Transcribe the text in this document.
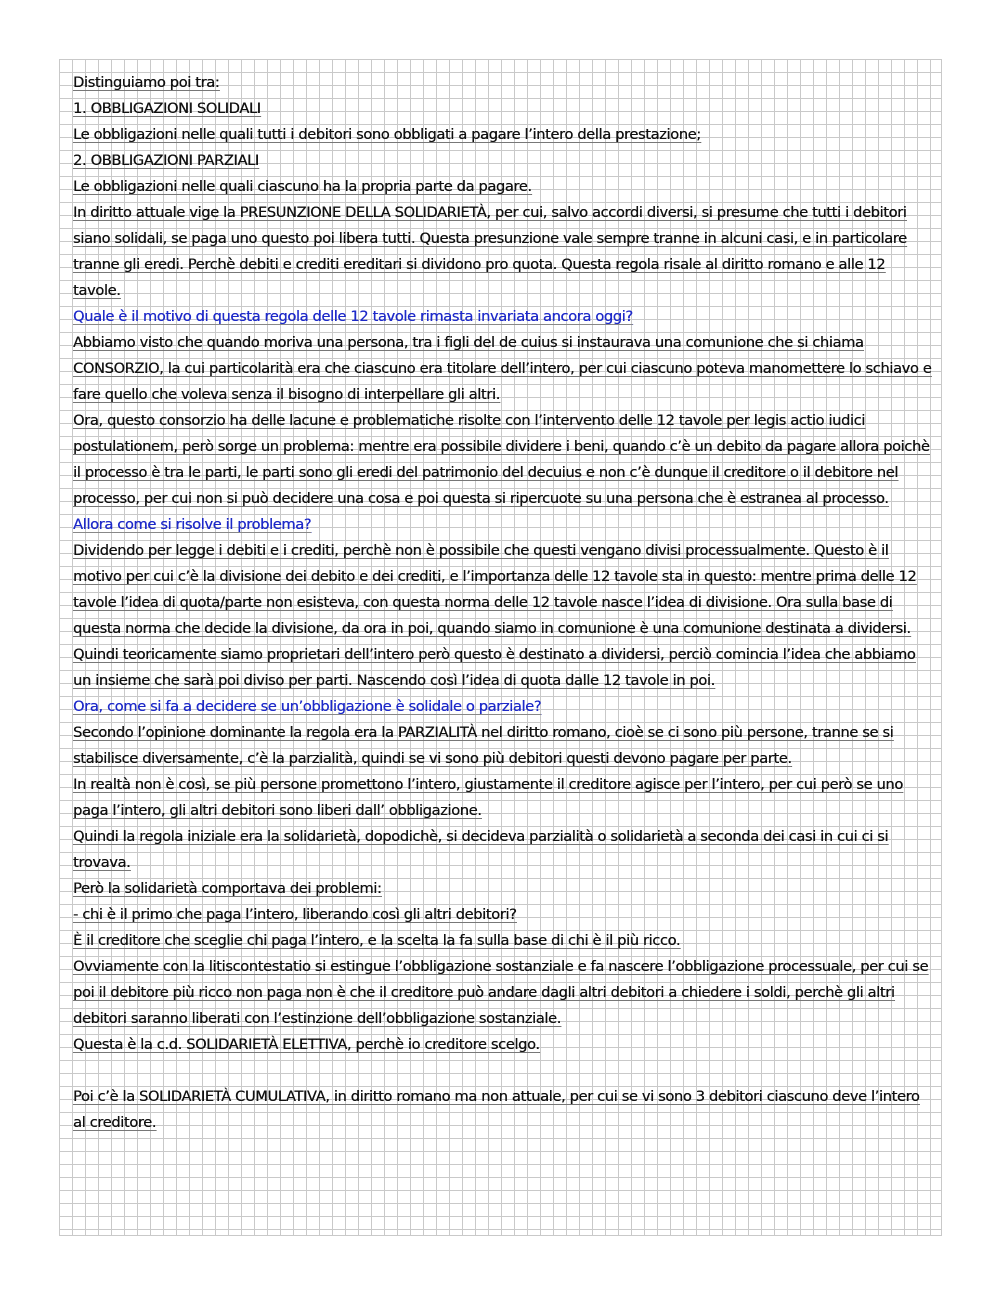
Distinguiamo poi tra:

1. OBBLIGAZIONI SOLIDALI

Le obbligazioni nelle quali tutti i debitori sono obbligati a pagare l’intero della prestazione;

2. OBBLIGAZIONI PARZIALI

Le obbligazioni nelle quali ciascuno ha la propria parte da pagare.

In diritto attuale vige la PRESUNZIONE DELLA SOLIDARIETÀ, per cui, salvo accordi diversi, si presume che tutti i debitori siano solidali, se paga uno questo poi libera tutti. Questa presunzione vale sempre tranne in alcuni casi, e in particolare tranne gli eredi. Perchè debiti e crediti ereditari si dividono pro quota. Questa regola risale al diritto romano e alle 12 tavole.

Quale è il motivo di questa regola delle 12 tavole rimasta invariata ancora oggi?

Abbiamo visto che quando moriva una persona, tra i figli del de cuius si instaurava una comunione che si chiama CONSORZIO, la cui particolarità era che ciascuno era titolare dell’intero, per cui ciascuno poteva manomettere lo schiavo e fare quello che voleva senza il bisogno di interpellare gli altri.

Ora, questo consorzio ha delle lacune e problematiche risolte con l’intervento delle 12 tavole per legis actio iudici postulationem, però sorge un problema: mentre era possibile dividere i beni, quando c’è un debito da pagare allora poichè il processo è tra le parti, le parti sono gli eredi del patrimonio del decuius e non c’è dunque il creditore o il debitore nel processo, per cui non si può decidere una cosa e poi questa si ripercuote su una persona che è estranea al processo.

Allora come si risolve il problema?

Dividendo per legge i debiti e i crediti, perchè non è possibile che questi vengano divisi processualmente. Questo è il motivo per cui c’è la divisione dei debito e dei crediti, e l’importanza delle 12 tavole sta in questo: mentre prima delle 12 tavole l’idea di quota/parte non esisteva, con questa norma delle 12 tavole nasce l’idea di divisione. Ora sulla base di questa norma che decide la divisione, da ora in poi, quando siamo in comunione è una comunione destinata a dividersi. Quindi teoricamente siamo proprietari dell’intero però questo è destinato a dividersi, perciò comincia l’idea che abbiamo un insieme che sarà poi diviso per parti. Nascendo così l’idea di quota dalle 12 tavole in poi.

Ora, come si fa a decidere se un’obbligazione è solidale o parziale?

Secondo l’opinione dominante la regola era la PARZIALITÀ nel diritto romano, cioè se ci sono più persone, tranne se si stabilisce diversamente, c’è la parzialità, quindi se vi sono più debitori questi devono pagare per parte.

In realtà non è così, se più persone promettono l’intero, giustamente il creditore agisce per l’intero, per cui però se uno paga l’intero, gli altri debitori sono liberi dall’ obbligazione.

Quindi la regola iniziale era la solidarietà, dopodichè, si decideva parzialità o solidarietà a seconda dei casi in cui ci si trovava.

Però la solidarietà comportava dei problemi:

- chi è il primo che paga l’intero, liberando così gli altri debitori?

È il creditore che sceglie chi paga l’intero, e la scelta la fa sulla base di chi è il più ricco.

Ovviamente con la litiscontestatio si estingue l’obbligazione sostanziale e fa nascere l’obbligazione processuale, per cui se poi il debitore più ricco non paga non è che il creditore può andare dagli altri debitori a chiedere i soldi, perchè gli altri debitori saranno liberati con l’estinzione dell’obbligazione sostanziale.

Questa è la c.d. SOLIDARIETÀ ELETTIVA, perchè io creditore scelgo.

Poi c’è la SOLIDARIETÀ CUMULATIVA, in diritto romano ma non attuale, per cui se vi sono 3 debitori ciascuno deve l’intero al creditore.
